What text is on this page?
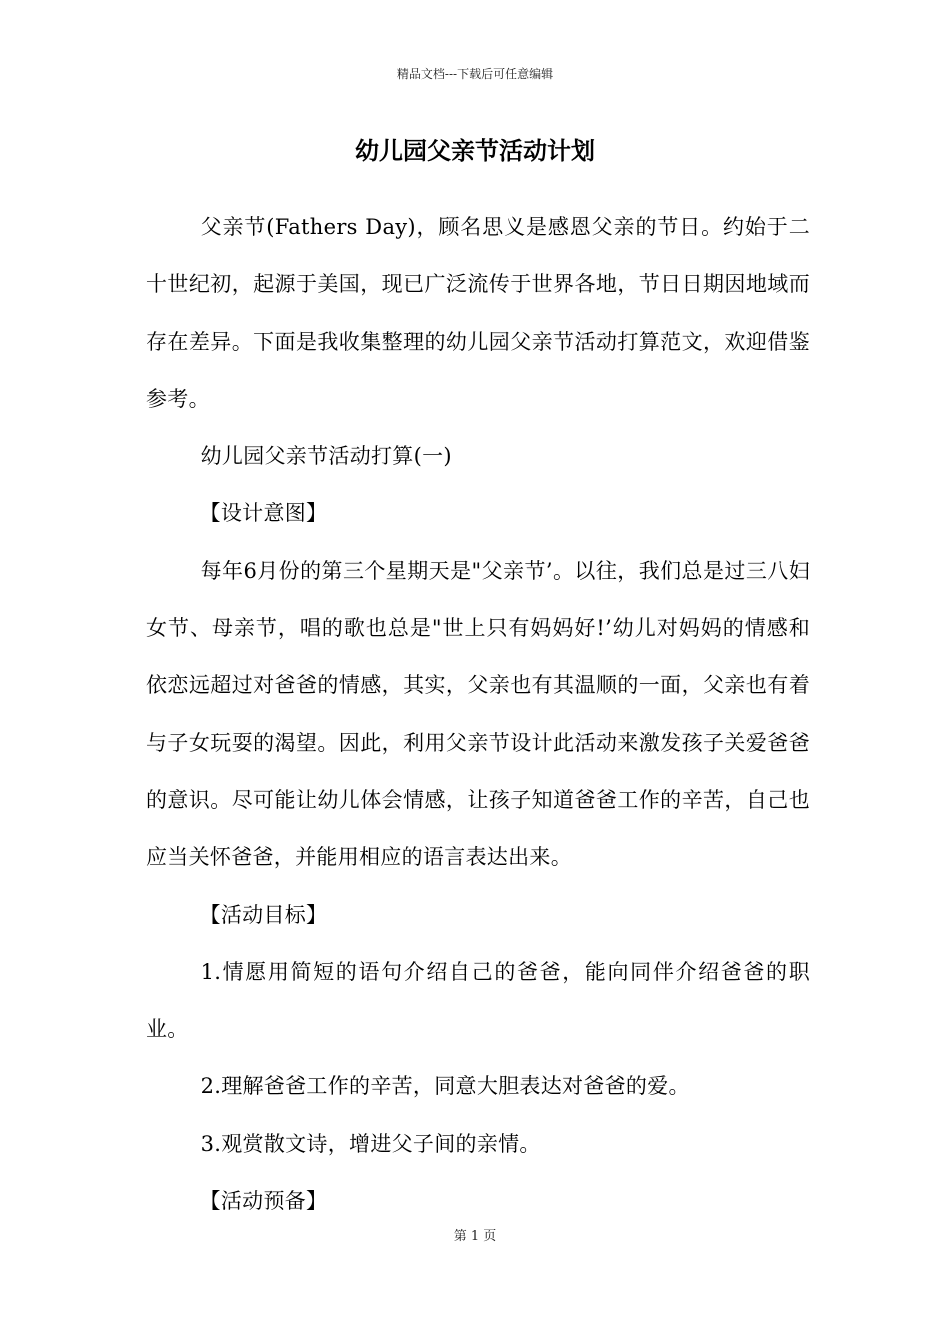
精品文档---下载后可任意编辑
幼儿园父亲节活动计划

父亲节(Fathers Day)，顾名思义是感恩父亲的节日。约始于二十世纪初，起源于美国，现已广泛流传于世界各地，节日日期因地域而存在差异。下面是我收集整理的幼儿园父亲节活动打算范文，欢迎借鉴参考。

幼儿园父亲节活动打算(一)

【设计意图】

每年6月份的第三个星期天是"父亲节’。以往，我们总是过三八妇女节、母亲节，唱的歌也总是"世上只有妈妈好!’幼儿对妈妈的情感和依恋远超过对爸爸的情感，其实，父亲也有其温顺的一面，父亲也有着与子女玩耍的渴望。因此，利用父亲节设计此活动来激发孩子关爱爸爸的意识。尽可能让幼儿体会情感，让孩子知道爸爸工作的辛苦，自己也应当关怀爸爸，并能用相应的语言表达出来。

【活动目标】

1.情愿用简短的语句介绍自己的爸爸，能向同伴介绍爸爸的职业。

2.理解爸爸工作的辛苦，同意大胆表达对爸爸的爱。

3.观赏散文诗，增进父子间的亲情。

【活动预备】

第 1 页
